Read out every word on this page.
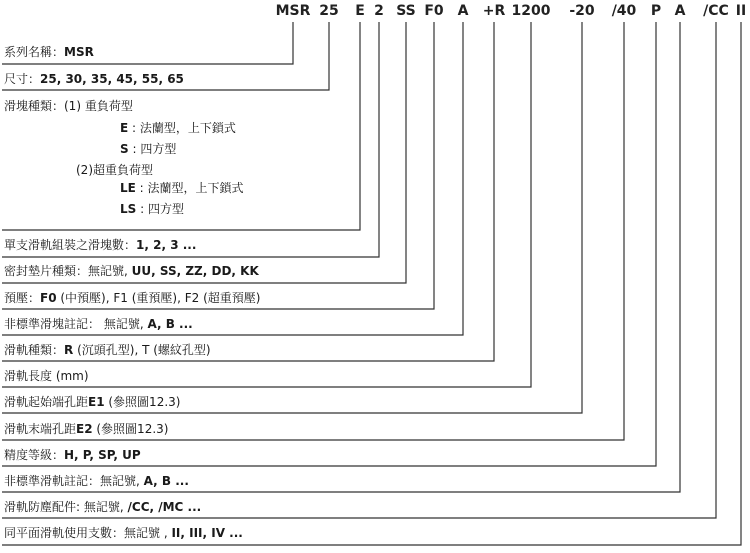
MSR 25 E 2 SS F0 A +R 1200 -20 /40 P A /CC II
系列名稱：MSR
尺寸：25, 30, 35, 45, 55, 65
滑塊種類：(1) 重負荷型
單支滑軌組裝之滑塊數：1, 2, 3 ...
密封墊片種類：無記號, UU, SS, ZZ, DD, KK
預壓：F0 (中預壓), F1 (重預壓), F2 (超重預壓)
非標準滑塊註記： 無記號, A, B ...
滑軌種類：R (沉頭孔型), T (螺紋孔型)
滑軌長度 (mm)
滑軌起始端孔距E1 (參照圖12.3)
滑軌末端孔距E2 (參照圖12.3)
精度等級：H, P, SP, UP
非標準滑軌註記：無記號, A, B ...
滑軌防塵配件: 無記號, /CC, /MC ...
同平面滑軌使用支數：無記號 , II, III, IV ...
E : 法蘭型，上下鎖式
S : 四方型
(2)超重負荷型
LE : 法蘭型，上下鎖式
LS : 四方型
